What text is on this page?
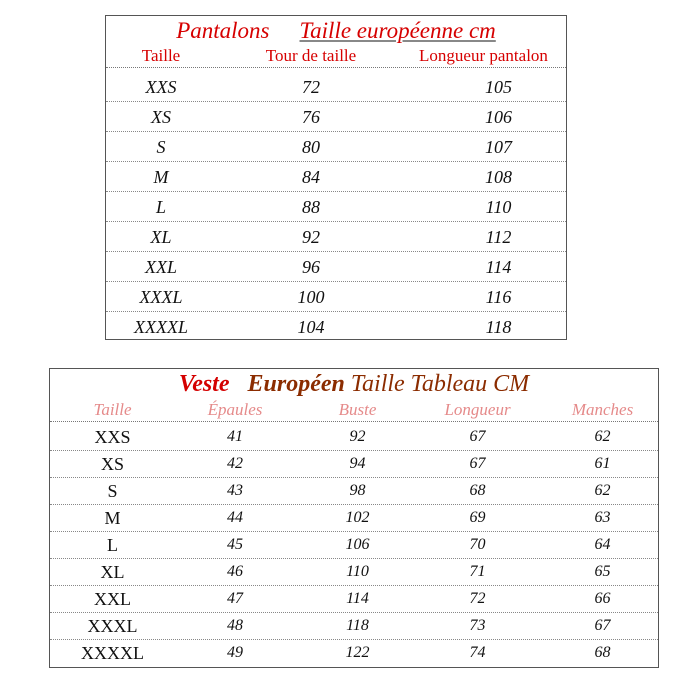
Pantalons Taille européenne cm
Taille	Tour de taille	Longueur pantalon
XXS	72	105
XS	76	106
S	80	107
M	84	108
L	88	110
XL	92	112
XXL	96	114
XXXL	100	116
XXXXL	104	118
Veste Européen Taille Tableau CM
Taille	Épaules	Buste	Longueur	Manches
XXS	41	92	67	62
XS	42	94	67	61
S	43	98	68	62
M	44	102	69	63
L	45	106	70	64
XL	46	110	71	65
XXL	47	114	72	66
XXXL	48	118	73	67
XXXXL	49	122	74	68
